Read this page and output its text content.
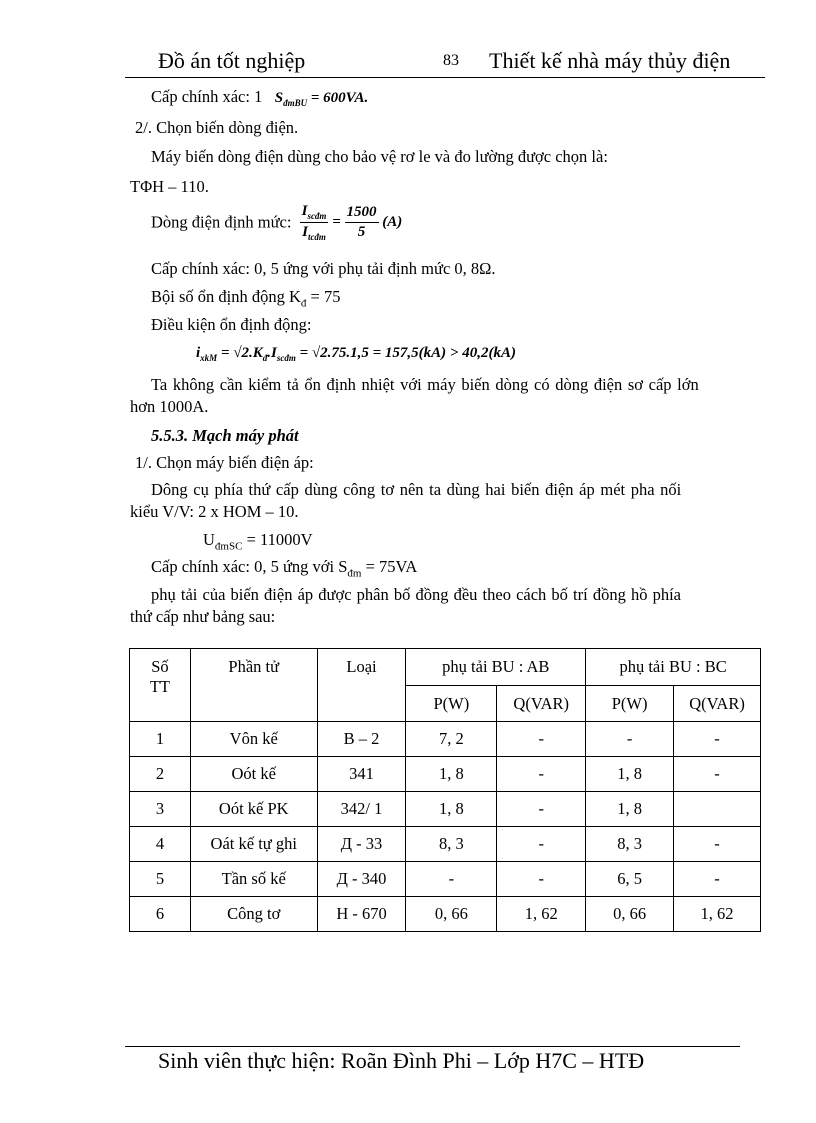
Đồ án tốt nghiệp	83 Thiết kế nhà máy thủy điện
Cấp chính xác: 1 $S_{đmBU} = 600VA$.
2/. Chọn biến dòng điện.
Máy biến dòng điện dùng cho bảo vệ rơ le và đo lường được chọn là:
TΦH – 110.
Dòng điện định mức: $\frac{I_{scđm}}{I_{tcđm}} = \frac{1500}{5} (A)$
Cấp chính xác: 0, 5 ứng với phụ tải định mức 0, 8Ω.
Bội số ổn định động $K_đ = 75$
Điều kiện ổn định động:
$i_{xkM} = √2.K_đ.I_{scđm} = √2.75.1,5 = 157,5(kA) > 40,2(kA)$
Ta không cần kiểm tả ổn định nhiệt với máy biến dòng có dòng điện sơ cấp lớn
hơn 1000A.
5.5.3. Mạch máy phát
1/. Chọn máy biến điện áp:
Dông cụ phía thứ cấp dùng công tơ nên ta dùng hai biến điện áp mét pha nối
kiểu V/V: 2 x HOM – 10.
$U_{đmSC} = 11000V$
Cấp chính xác: 0, 5 ứng với $S_{đm} = 75VA$
phụ tải của biến điện áp được phân bố đồng đều theo cách bố trí đồng hồ phía
thứ cấp như bảng sau:
Số
TT	Phần tử	Loại	phụ tải BU : AB		phụ tải BU : BC	
			P(W)	Q(VAR)	P(W)	Q(VAR)
1	Vôn kế	B – 2	7, 2	-	-	-
2	Oót kế	341	1, 8	-	1, 8	-
3	Oót kế PK	342/ 1	1, 8	-	1, 8	
4	Oát kế tự ghi	Д - 33	8, 3	-	8, 3	-
5	Tần số kế	Д - 340	-	-	6, 5	-
6	Công tơ	H - 670	0, 66	1, 62	0, 66	1, 62
Sinh viên thực hiện: Roãn Đình Phi – Lớp H7C – HTĐ
